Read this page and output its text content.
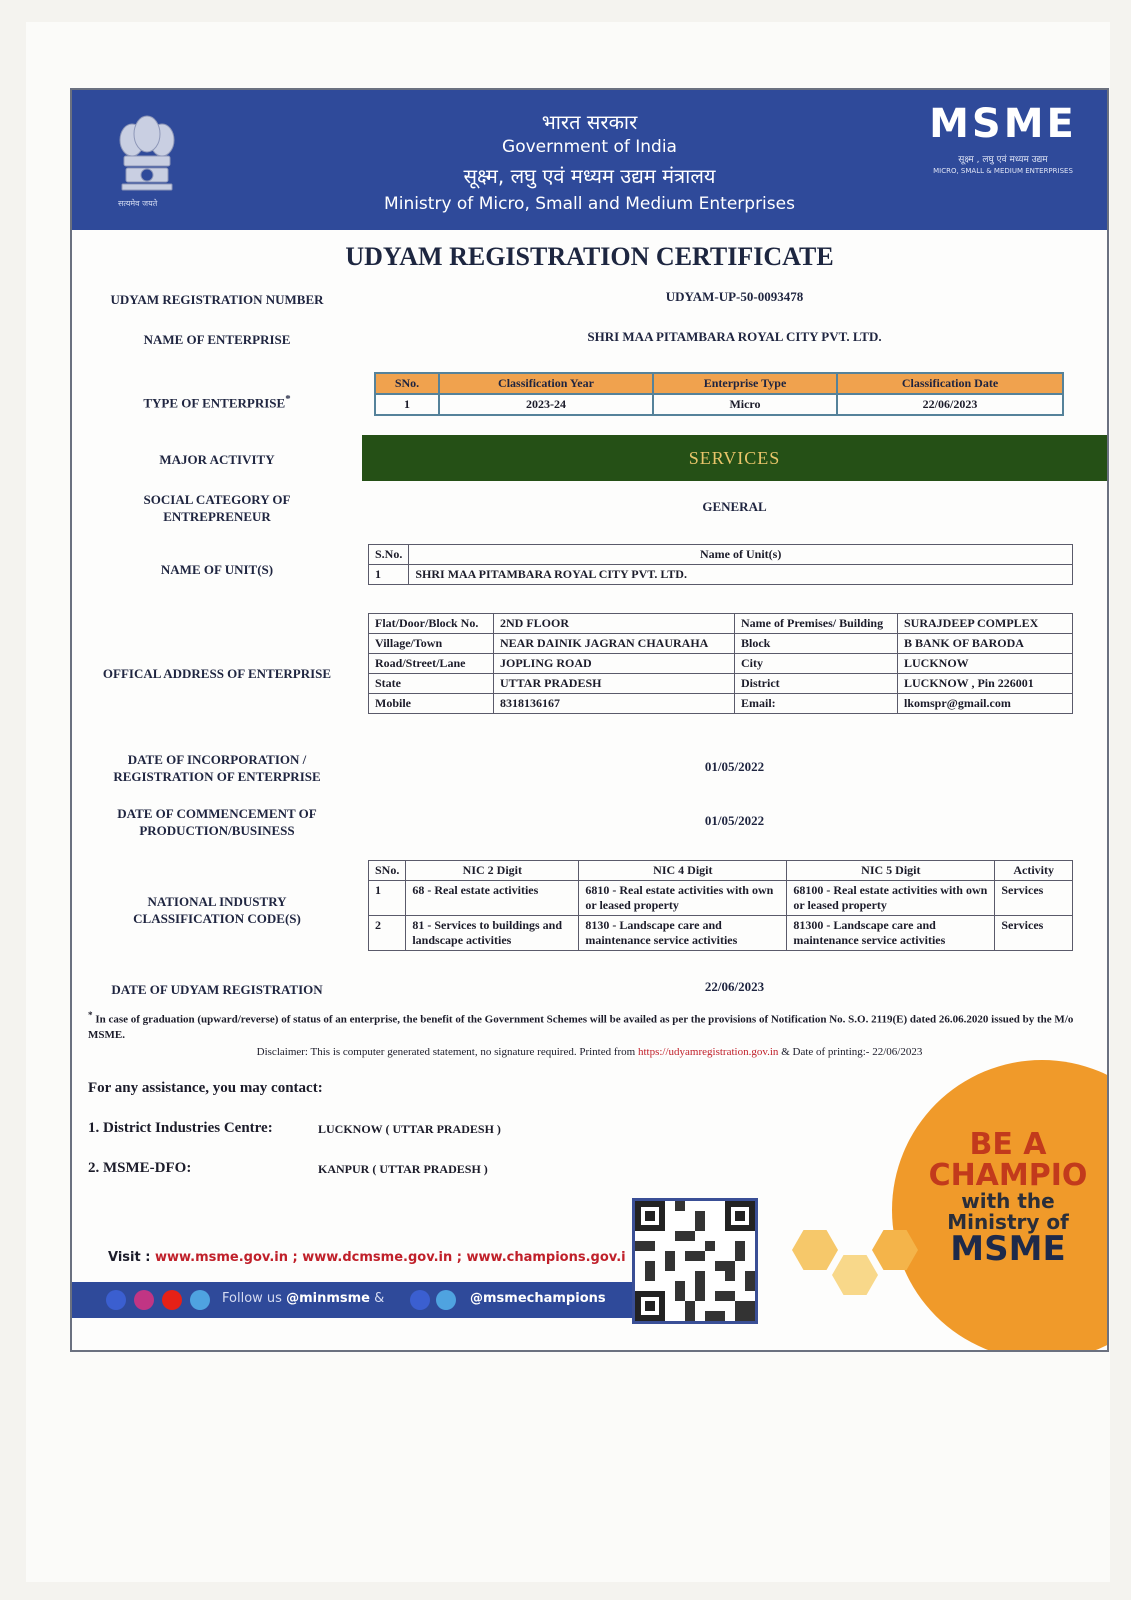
सत्यमेव जयते
भारत सरकार
Government of India
सूक्ष्म, लघु एवं मध्यम उद्यम मंत्रालय
Ministry of Micro, Small and Medium Enterprises
MSME
सूक्ष्म , लघु एवं मध्यम उद्यम
MICRO, SMALL & MEDIUM ENTERPRISES
UDYAM REGISTRATION CERTIFICATE
UDYAM REGISTRATION NUMBER	UDYAM-UP-50-0093478
NAME OF ENTERPRISE	SHRI MAA PITAMBARA ROYAL CITY PVT. LTD.
TYPE OF ENTERPRISE*
SNo.	Classification Year	Enterprise Type	Classification Date
1	2023-24	Micro	22/06/2023
MAJOR ACTIVITY	SERVICES
SOCIAL CATEGORY OF
ENTREPRENEUR
GENERAL
NAME OF UNIT(S)
S.No.	Name of Unit(s)
1	SHRI MAA PITAMBARA ROYAL CITY PVT. LTD.
OFFICAL ADDRESS OF ENTERPRISE
Flat/Door/Block No.	2ND FLOOR	Name of Premises/ Building	SURAJDEEP COMPLEX
Village/Town	NEAR DAINIK JAGRAN CHAURAHA	Block	B BANK OF BARODA
Road/Street/Lane	JOPLING ROAD	City	LUCKNOW
State	UTTAR PRADESH	District	LUCKNOW , Pin 226001
Mobile	8318136167	Email:	lkomspr@gmail.com
DATE OF INCORPORATION /
REGISTRATION OF ENTERPRISE
01/05/2022
DATE OF COMMENCEMENT OF
PRODUCTION/BUSINESS
01/05/2022
NATIONAL INDUSTRY
CLASSIFICATION CODE(S)
SNo.	NIC 2 Digit	NIC 4 Digit	NIC 5 Digit	Activity
1	68 - Real estate activities	6810 - Real estate activities with own or leased property	68100 - Real estate activities with own or leased property	Services
2	81 - Services to buildings and landscape activities	8130 - Landscape care and maintenance service activities	81300 - Landscape care and maintenance service activities	Services
DATE OF UDYAM REGISTRATION	22/06/2023
* In case of graduation (upward/reverse) of status of an enterprise, the benefit of the Government Schemes will be availed as per the provisions of Notification No. S.O. 2119(E) dated 26.06.2020 issued by the M/o MSME.
Disclaimer: This is computer generated statement, no signature required. Printed from https://udyamregistration.gov.in & Date of printing:- 22/06/2023
For any assistance, you may contact:
1. District Industries Centre:	LUCKNOW ( UTTAR PRADESH )
2. MSME-DFO:	KANPUR ( UTTAR PRADESH )
Visit : www.msme.gov.in ; www.dcmsme.gov.in ; www.champions.gov.i
Follow us @minmsme &	@msmechampions
BE A
CHAMPIO
with the
Ministry of
MSME
